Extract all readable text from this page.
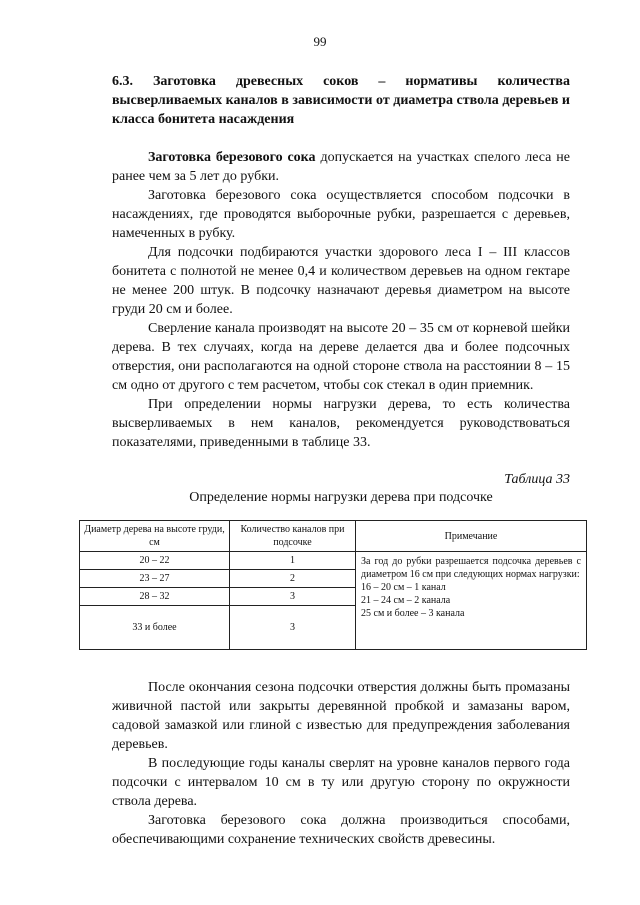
99
6.3. Заготовка древесных соков – нормативы количества высверливаемых каналов в зависимости от диаметра ствола деревьев и класса бонитета насаждения

Заготовка березового сока допускается на участках спелого леса не ранее чем за 5 лет до рубки.

Заготовка березового сока осуществляется способом подсочки в насаждениях, где проводятся выборочные рубки, разрешается с деревьев, намеченных в рубку.

Для подсочки подбираются участки здорового леса I – III классов бонитета с полнотой не менее 0,4 и количеством деревьев на одном гектаре не менее 200 штук. В подсочку назначают деревья диаметром на высоте груди 20 см и более.

Сверление канала производят на высоте 20 – 35 см от корневой шейки дерева. В тех случаях, когда на дереве делается два и более подсочных отверстия, они располагаются на одной стороне ствола на расстоянии 8 – 15 см одно от другого с тем расчетом, чтобы сок стекал в один приемник.

При определении нормы нагрузки дерева, то есть количества высверливаемых в нем каналов, рекомендуется руководствоваться показателями, приведенными в таблице 33.

Таблица 33
Определение нормы нагрузки дерева при подсочке
Диаметр дерева на высоте груди, см	Количество каналов при подсочке	Примечание
20 – 22	1	За год до рубки разрешается подсочка деревьев с диаметром 16 см при следующих нормах нагрузки:
16 – 20 см – 1 канал
21 – 24 см – 2 канала
25 см и более – 3 канала

23 – 27	2	
28 – 32	3	
33 и более	3	

После окончания сезона подсочки отверстия должны быть промазаны живичной пастой или закрыты деревянной пробкой и замазаны варом, садовой замазкой или глиной с известью для предупреждения заболевания деревьев.

В последующие годы каналы сверлят на уровне каналов первого года подсочки с интервалом 10 см в ту или другую сторону по окружности ствола дерева.

Заготовка березового сока должна производиться способами, обеспечивающими сохранение технических свойств древесины.
